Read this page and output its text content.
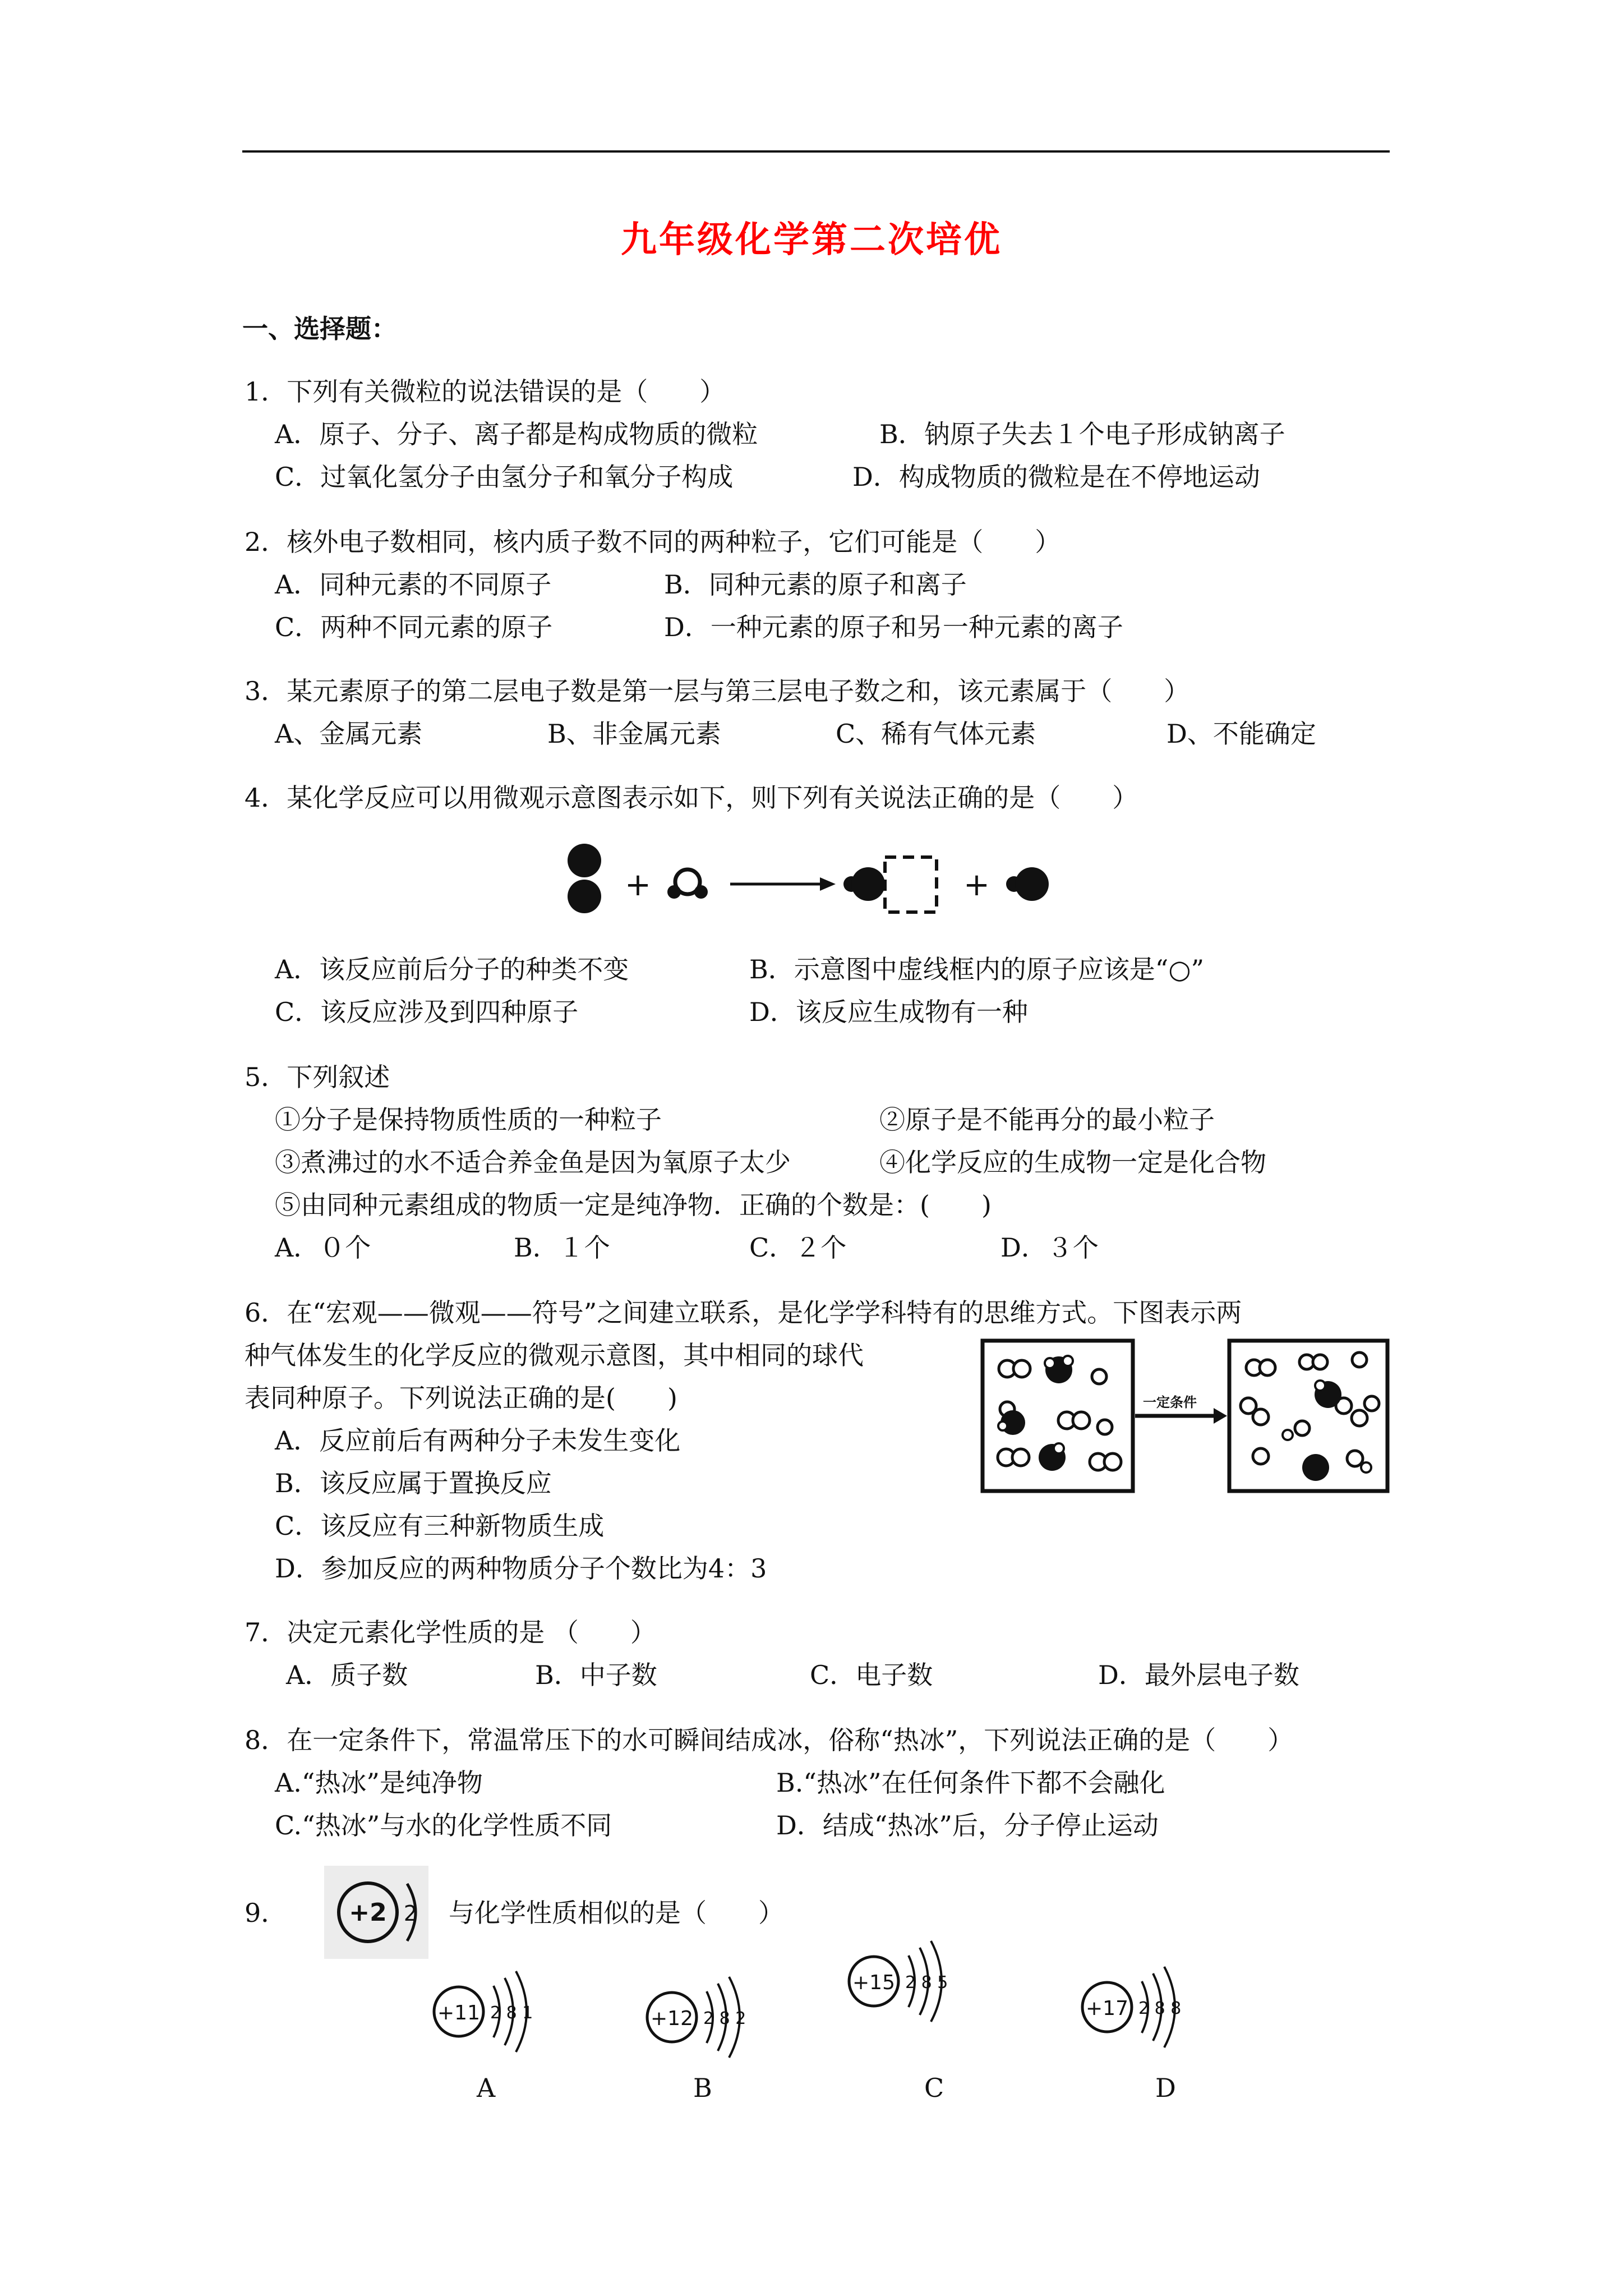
九年级化学第二次培优
一、选择题：
1．下列有关微粒的说法错误的是（　　）
A．原子、分子、离子都是构成物质的微粒	B．钠原子失去１个电子形成钠离子
C．过氧化氢分子由氢分子和氧分子构成	D．构成物质的微粒是在不停地运动
2．核外电子数相同，核内质子数不同的两种粒子，它们可能是（　　）
A．同种元素的不同原子	B．同种元素的原子和离子
C．两种不同元素的原子	D．一种元素的原子和另一种元素的离子
3．某元素原子的第二层电子数是第一层与第三层电子数之和，该元素属于（　　）
A、金属元素	B、非金属元素	C、稀有气体元素	D、不能确定
4．某化学反应可以用微观示意图表示如下，则下列有关说法正确的是（　　）
+
+
A．该反应前后分子的种类不变	B．示意图中虚线框内的原子应该是“○”
C．该反应涉及到四种原子	D．该反应生成物有一种
5．下列叙述
①分子是保持物质性质的一种粒子	②原子是不能再分的最小粒子
③煮沸过的水不适合养金鱼是因为氧原子太少	④化学反应的生成物一定是化合物
⑤由同种元素组成的物质一定是纯净物．正确的个数是：(　　)
A．０个	B．１个	C．２个	D．３个
6．在“宏观——微观——符号”之间建立联系，是化学学科特有的思维方式。下图表示两
种气体发生的化学反应的微观示意图，其中相同的球代
表同种原子。下列说法正确的是(　　)
A．反应前后有两种分子未发生变化
B．该反应属于置换反应
C．该反应有三种新物质生成
D．参加反应的两种物质分子个数比为4：3
一定条件
7．决定元素化学性质的是 （　　）
A．质子数	B．中子数	C．电子数	D．最外层电子数
8．在一定条件下，常温常压下的水可瞬间结成冰，俗称“热冰”，下列说法正确的是（　　）
A.“热冰”是纯净物	B.“热冰”在任何条件下都不会融化
C.“热冰”与水的化学性质不同	D．结成“热冰”后，分子停止运动
9．	+2 2 与化学性质相似的是（　　）
+11 2 8 1	+12 2 8 2
+15 2 8 5
+17 2 8 8
A	B	C	D
